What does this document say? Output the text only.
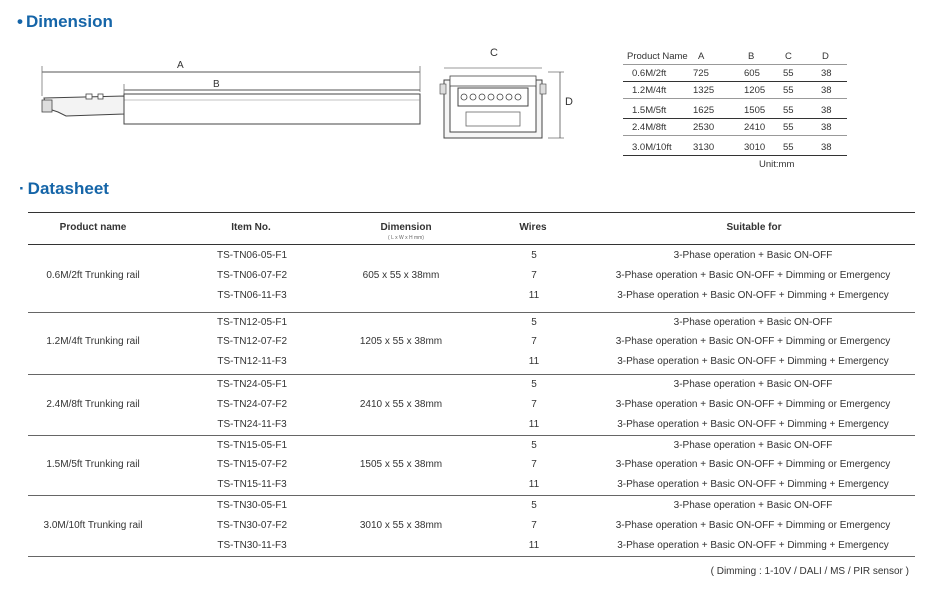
• Dimension
A
B
C
D
Product Name A	B	C	D
0.6M/2ft	725	605 55	38
1.2M/4ft	1325	1205 55	38
1.5M/5ft	1625	1505 55	38
2.4M/8ft	2530	2410 55	38
3.0M/10ft 3130	3010 55	38
Unit:mm
· Datasheet
Product name	Item No.	Dimension
( L x W x H mm)
Wires	Suitable for
0.6M/2ft Trunking rail	605 x 55 x 38mm
TS-TN06-05-F1	5	3-Phase operation + Basic ON-OFF
TS-TN06-07-F2	7	3-Phase operation + Basic ON-OFF + Dimming or Emergency
TS-TN06-11-F3	11	3-Phase operation + Basic ON-OFF + Dimming + Emergency
1.2M/4ft Trunking rail	1205 x 55 x 38mm
TS-TN12-05-F1	5	3-Phase operation + Basic ON-OFF
TS-TN12-07-F2	7	3-Phase operation + Basic ON-OFF + Dimming or Emergency
TS-TN12-11-F3	11	3-Phase operation + Basic ON-OFF + Dimming + Emergency
2.4M/8ft Trunking rail	2410 x 55 x 38mm
TS-TN24-05-F1	5	3-Phase operation + Basic ON-OFF
TS-TN24-07-F2	7	3-Phase operation + Basic ON-OFF + Dimming or Emergency
TS-TN24-11-F3	11	3-Phase operation + Basic ON-OFF + Dimming + Emergency
1.5M/5ft Trunking rail	1505 x 55 x 38mm
TS-TN15-05-F1	5	3-Phase operation + Basic ON-OFF
TS-TN15-07-F2	7	3-Phase operation + Basic ON-OFF + Dimming or Emergency
TS-TN15-11-F3	11	3-Phase operation + Basic ON-OFF + Dimming + Emergency
3.0M/10ft Trunking rail	3010 x 55 x 38mm
TS-TN30-05-F1	5	3-Phase operation + Basic ON-OFF
TS-TN30-07-F2	7	3-Phase operation + Basic ON-OFF + Dimming or Emergency
TS-TN30-11-F3	11	3-Phase operation + Basic ON-OFF + Dimming + Emergency
( Dimming : 1-10V / DALI / MS / PIR sensor )
